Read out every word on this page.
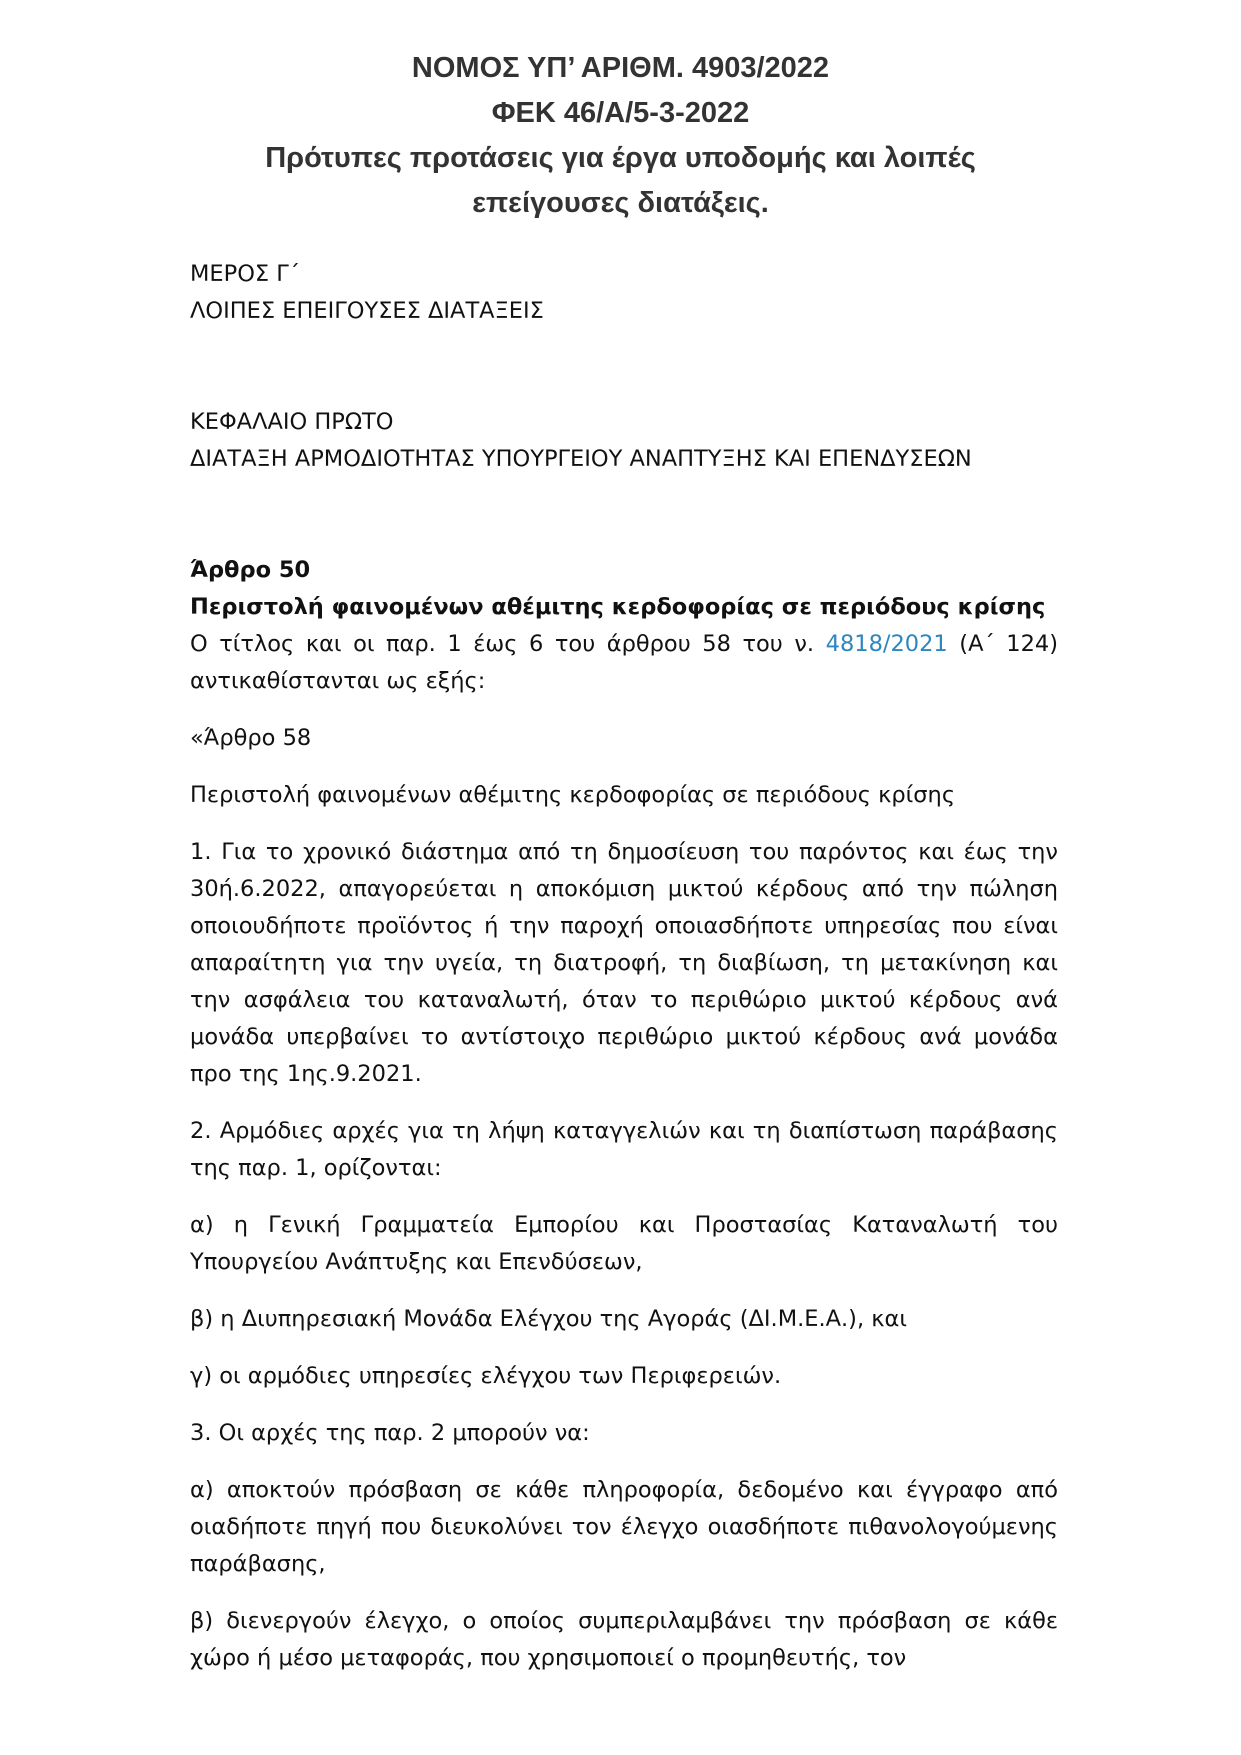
ΝΟΜΟΣ ΥΠ’ ΑΡΙΘΜ. 4903/2022
ΦΕΚ 46/Α/5-3-2022
Πρότυπες προτάσεις για έργα υποδομής και λοιπές
επείγουσες διατάξεις.

ΜΕΡΟΣ Γ΄

ΛΟΙΠΕΣ ΕΠΕΙΓΟΥΣΕΣ ΔΙΑΤΑΞΕΙΣ

ΚΕΦΑΛΑΙΟ ΠΡΩΤΟ

ΔΙΑΤΑΞΗ ΑΡΜΟΔΙΟΤΗΤΑΣ ΥΠΟΥΡΓΕΙΟΥ ΑΝΑΠΤΥΞΗΣ ΚΑΙ ΕΠΕΝΔΥΣΕΩΝ

Άρθρο 50

Περιστολή φαινομένων αθέμιτης κερδοφορίας σε περιόδους κρίσης

Ο τίτλος και οι παρ. 1 έως 6 του άρθρου 58 του ν. 4818/2021 (Α΄ 124) αντικαθίστανται ως εξής:

«Άρθρο 58

Περιστολή φαινομένων αθέμιτης κερδοφορίας σε περιόδους κρίσης

1. Για το χρονικό διάστημα από τη δημοσίευση του παρόντος και έως την 30ή.6.2022, απαγορεύεται η αποκόμιση μικτού κέρδους από την πώληση οποιουδήποτε προϊόντος ή την παροχή οποιασδήποτε υπηρεσίας που είναι απαραίτητη για την υγεία, τη διατροφή, τη διαβίωση, τη μετακίνηση και την ασφάλεια του καταναλωτή, όταν το περιθώριο μικτού κέρδους ανά μονάδα υπερβαίνει το αντίστοιχο περιθώριο μικτού κέρδους ανά μονάδα προ της 1ης.9.2021.

2. Αρμόδιες αρχές για τη λήψη καταγγελιών και τη διαπίστωση παράβασης της παρ. 1, ορίζονται:

α) η Γενική Γραμματεία Εμπορίου και Προστασίας Καταναλωτή του Υπουργείου Ανάπτυξης και Επενδύσεων,

β) η Διυπηρεσιακή Μονάδα Ελέγχου της Αγοράς (ΔΙ.Μ.Ε.Α.), και

γ) οι αρμόδιες υπηρεσίες ελέγχου των Περιφερειών.

3. Οι αρχές της παρ. 2 μπορούν να:

α) αποκτούν πρόσβαση σε κάθε πληροφορία, δεδομένο και έγγραφο από οιαδήποτε πηγή που διευκολύνει τον έλεγχο οιασδήποτε πιθανολογούμενης παράβασης,

β) διενεργούν έλεγχο, ο οποίος συμπεριλαμβάνει την πρόσβαση σε κάθε χώρο ή μέσο μεταφοράς, που χρησιμοποιεί ο προμηθευτής, τον
